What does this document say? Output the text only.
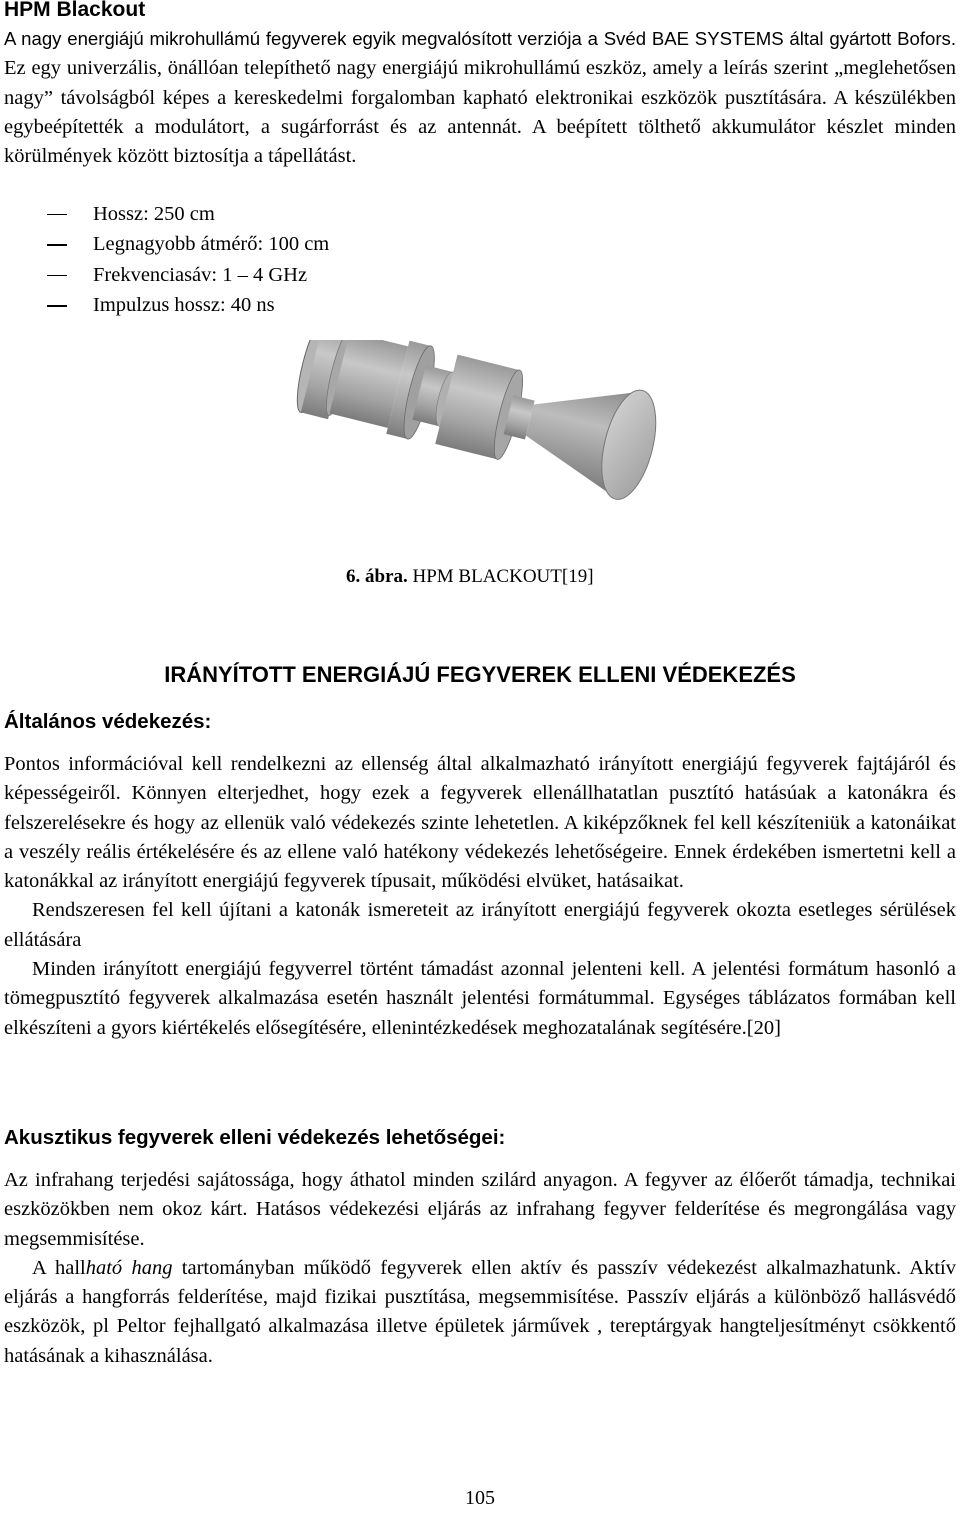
HPM Blackout

A nagy energiájú mikrohullámú fegyverek egyik megvalósított verziója a Svéd BAE SYSTEMS által gyártott Bofors. Ez egy univerzális, önállóan telepíthető nagy energiájú mikrohullámú eszköz, amely a leírás szerint „meglehetősen nagy” távolságból képes a kereskedelmi forgalomban kapható elektronikai eszközök pusztítására. A készülékben egybeépítették a modulátort, a sugárforrást és az antennát. A beépített tölthető akkumulátor készlet minden körülmények között biztosítja a tápellátást.

Hossz: 250 cm
Legnagyobb átmérő: 100 cm
Frekvenciasáv: 1 – 4 GHz
Impulzus hossz: 40 ns
6. ábra. HPM BLACKOUT[19]
IRÁNYÍTOTT ENERGIÁJÚ FEGYVEREK ELLENI VÉDEKEZÉS
Általános védekezés:

Pontos információval kell rendelkezni az ellenség által alkalmazható irányított energiájú fegyverek fajtájáról és képességeiről. Könnyen elterjedhet, hogy ezek a fegyverek ellenállhatatlan pusztító hatásúak a katonákra és felszerelésekre és hogy az ellenük való védekezés szinte lehetetlen. A kiképzőknek fel kell készíteniük a katonáikat a veszély reális értékelésére és az ellene való hatékony védekezés lehetőségeire. Ennek érdekében ismertetni kell a katonákkal az irányított energiájú fegyverek típusait, működési elvüket, hatásaikat.

Rendszeresen fel kell újítani a katonák ismereteit az irányított energiájú fegyverek okozta esetleges sérülések ellátására

Minden irányított energiájú fegyverrel történt támadást azonnal jelenteni kell. A jelentési formátum hasonló a tömegpusztító fegyverek alkalmazása esetén használt jelentési formátummal. Egységes táblázatos formában kell elkészíteni a gyors kiértékelés elősegítésére, ellenintézkedések meghozatalának segítésére.[20]

Akusztikus fegyverek elleni védekezés lehetőségei:

Az infrahang terjedési sajátossága, hogy áthatol minden szilárd anyagon. A fegyver az élőerőt támadja, technikai eszközökben nem okoz kárt. Hatásos védekezési eljárás az infrahang fegyver felderítése és megrongálása vagy megsemmisítése.

A hallható hang tartományban működő fegyverek ellen aktív és passzív védekezést alkalmazhatunk. Aktív eljárás a hangforrás felderítése, majd fizikai pusztítása, megsemmisítése. Passzív eljárás a különböző hallásvédő eszközök, pl Peltor fejhallgató alkalmazása illetve épületek járművek , tereptárgyak hangteljesítményt csökkentő hatásának a kihasználása.

105
